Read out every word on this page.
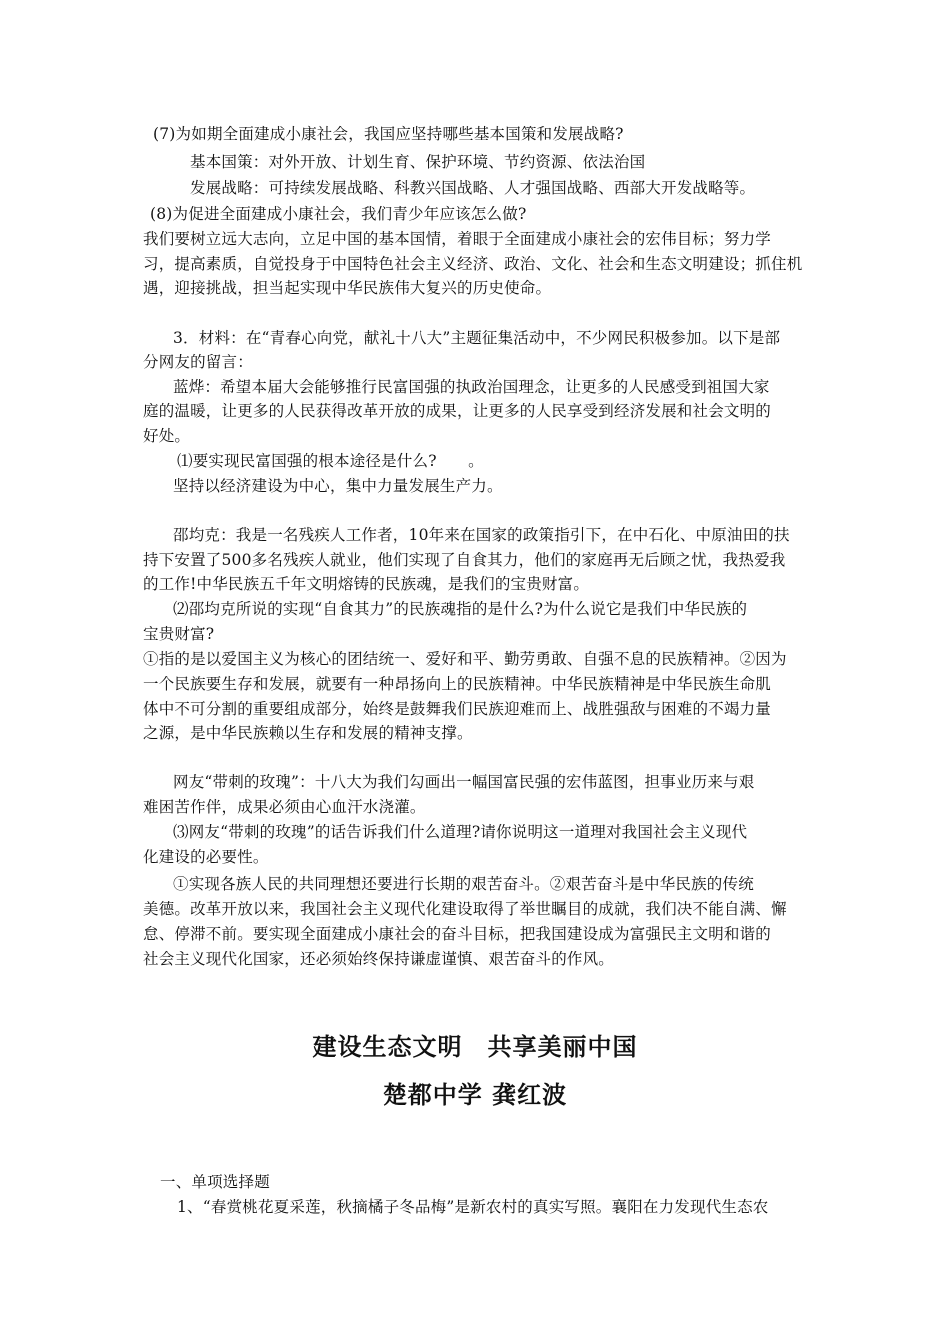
(7)为如期全面建成小康社会，我国应坚持哪些基本国策和发展战略?
基本国策：对外开放、计划生育、保护环境、节约资源、依法治国
发展战略：可持续发展战略、科教兴国战略、人才强国战略、西部大开发战略等。
(8)为促进全面建成小康社会，我们青少年应该怎么做?
我们要树立远大志向，立足中国的基本国情，着眼于全面建成小康社会的宏伟目标；努力学
习，提高素质，自觉投身于中国特色社会主义经济、政治、文化、社会和生态文明建设；抓住机
遇，迎接挑战，担当起实现中华民族伟大复兴的历史使命。
3．材料：在“青春心向党，献礼十八大”主题征集活动中，不少网民积极参加。以下是部
分网友的留言：
蓝烨：希望本届大会能够推行民富国强的执政治国理念，让更多的人民感受到祖国大家
庭的温暖，让更多的人民获得改革开放的成果，让更多的人民享受到经济发展和社会文明的
好处。
⑴要实现民富国强的根本途径是什么?　　。
坚持以经济建设为中心，集中力量发展生产力。
邵均克：我是一名残疾人工作者，10年来在国家的政策指引下，在中石化、中原油田的扶
持下安置了500多名残疾人就业，他们实现了自食其力，他们的家庭再无后顾之忧，我热爱我
的工作!中华民族五千年文明熔铸的民族魂，是我们的宝贵财富。
⑵邵均克所说的实现“自食其力”的民族魂指的是什么?为什么说它是我们中华民族的
宝贵财富?
①指的是以爱国主义为核心的团结统一、爱好和平、勤劳勇敢、自强不息的民族精神。②因为
一个民族要生存和发展，就要有一种昂扬向上的民族精神。中华民族精神是中华民族生命肌
体中不可分割的重要组成部分，始终是鼓舞我们民族迎难而上、战胜强敌与困难的不竭力量
之源，是中华民族赖以生存和发展的精神支撑。
网友“带刺的玫瑰”：十八大为我们勾画出一幅国富民强的宏伟蓝图，担事业历来与艰
难困苦作伴，成果必须由心血汗水浇灌。
⑶网友“带刺的玫瑰”的话告诉我们什么道理?请你说明这一道理对我国社会主义现代
化建设的必要性。
①实现各族人民的共同理想还要进行长期的艰苦奋斗。②艰苦奋斗是中华民族的传统
美德。改革开放以来，我国社会主义现代化建设取得了举世瞩目的成就，我们决不能自满、懈
怠、停滞不前。要实现全面建成小康社会的奋斗目标，把我国建设成为富强民主文明和谐的
社会主义现代化国家，还必须始终保持谦虚谨慎、艰苦奋斗的作风。
建设生态文明　共享美丽中国
楚都中学 龚红波
一、单项选择题
1、“春赏桃花夏采莲，秋摘橘子冬品梅”是新农村的真实写照。襄阳在力发现代生态农
